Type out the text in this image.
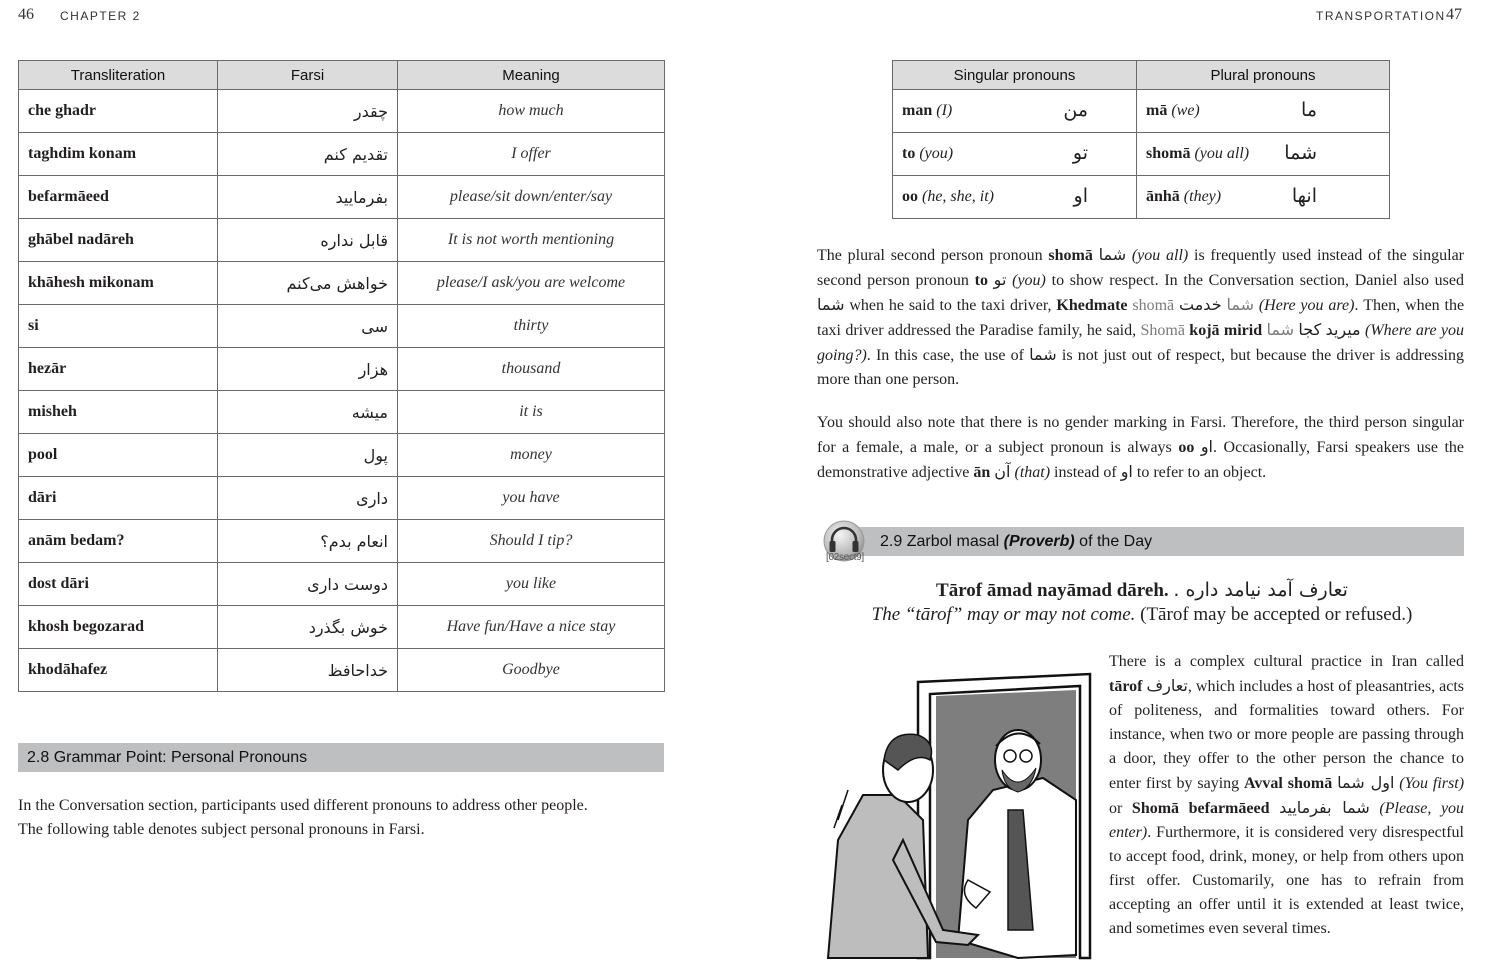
46 CHAPTER 2	TRANSPORTATION 47
Transliteration	Farsi	Meaning
che ghadr	چقدر	how much
taghdim konam	تقدیم کنم	I offer
befarmāeed	بفرمایید	please/sit down/enter/say
ghābel nadāreh	قابل نداره	It is not worth mentioning
khāhesh mikonam	خواهش می‌کنم	please/I ask/you are welcome
si	سی	thirty
hezār	هزار	thousand
misheh	میشه	it is
pool	پول	money
dāri	داری	you have
anām bedam?	انعام بدم؟	Should I tip?
dost dāri	دوست داری	you like
khosh begozarad	خوش بگذرد	Have fun/Have a nice stay
khodāhafez	خداحافظ	Goodbye
2.8 Grammar Point: Personal Pronouns
In the Conversation section, participants used different pronouns to address other people.
The following table denotes subject personal pronouns in Farsi.
Singular pronouns	Plural pronouns
man (I) من	mā (we) ما

to (you) تو	shomā (you all) شما

oo (he, she, it) او	ānhā (they) انها
The plural second person pronoun shomā شما (you all) is frequently used instead of the singular second person pronoun to تو (you) to show respect. In the Conversation section, Daniel also used شما when he said to the taxi driver, Khedmate shomā	شما خدمت (Here you are). Then, when the taxi driver addressed the Paradise family, he said, Shomā kojā mirid	میرید کجا شما	(Where are you going?). In this case, the use of شما is not just out of respect, but because the driver is addressing more than one person.
You should also note that there is no gender marking in Farsi. Therefore, the third person singular for a female, a male, or a subject pronoun is always oo او. Occasionally, Farsi speakers use the demonstrative adjective ān آن (that) instead of او to refer to an object.
2.9 Zarbol masal (Proverb) of the Day
[02sect9]
Tārof āmad nayāmad dāreh. تعارف آمد نیامد داره .
The “tārof” may or may not come. (Tārof may be accepted or refused.)
There is a complex cultural practice in Iran called tārof تعارف, which includes a host of pleasantries, acts of politeness, and formalities toward others. For instance, when two or more people are passing through a door, they offer to the other person the chance to enter first by saying Avval shomā اول شما (You first) or Shomā befarmāeed شما بفرمایید (Please, you enter). Furthermore, it is considered very disrespectful to accept food, drink, money, or help from others upon first offer. Customarily, one has to refrain from accepting an offer until it is extended at least twice, and sometimes even several times.
